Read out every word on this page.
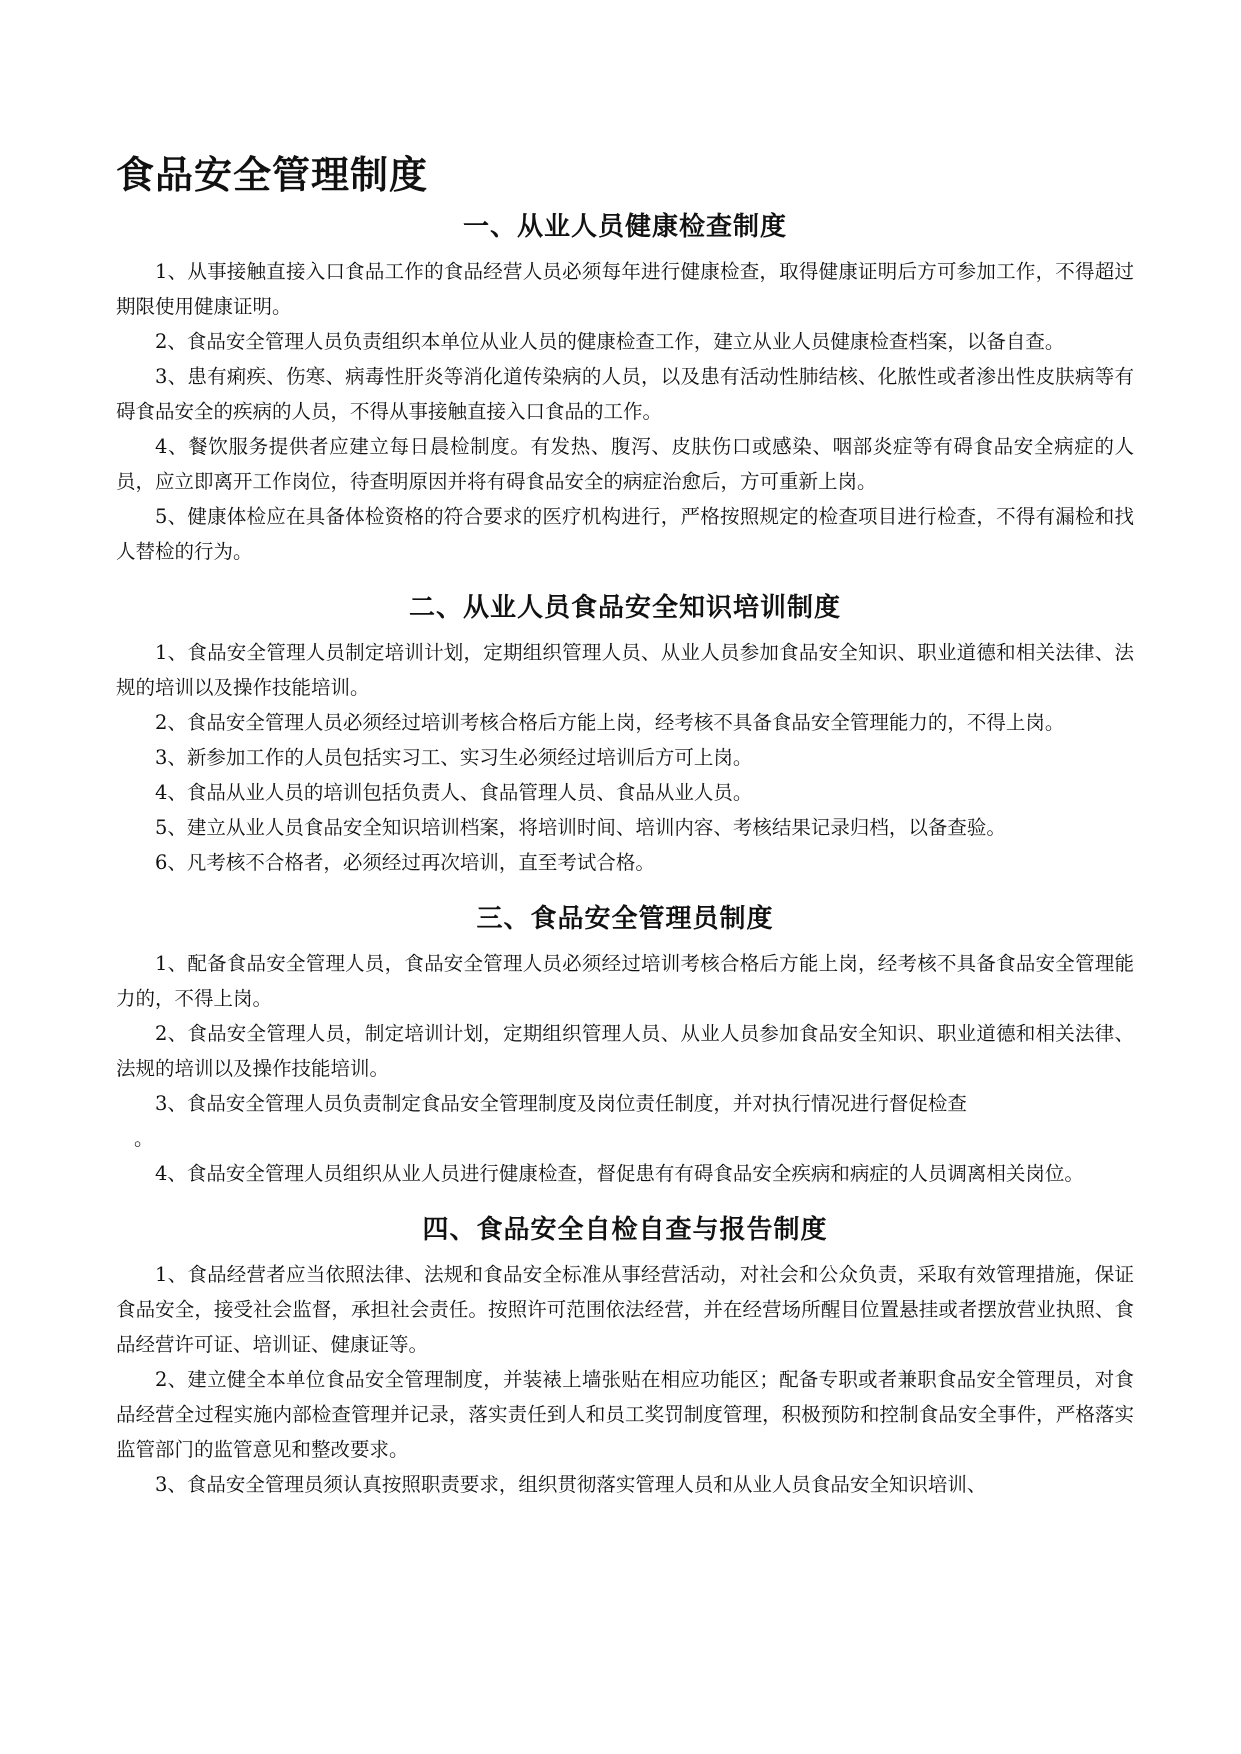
食品安全管理制度
一、从业人员健康检查制度

1、从事接触直接入口食品工作的食品经营人员必须每年进行健康检查，取得健康证明后方可参加工作，不得超过期限使用健康证明。

2、食品安全管理人员负责组织本单位从业人员的健康检查工作，建立从业人员健康检查档案，以备自查。

3、患有痢疾、伤寒、病毒性肝炎等消化道传染病的人员，以及患有活动性肺结核、化脓性或者渗出性皮肤病等有碍食品安全的疾病的人员，不得从事接触直接入口食品的工作。

4、餐饮服务提供者应建立每日晨检制度。有发热、腹泻、皮肤伤口或感染、咽部炎症等有碍食品安全病症的人员，应立即离开工作岗位，待查明原因并将有碍食品安全的病症治愈后，方可重新上岗。

5、健康体检应在具备体检资格的符合要求的医疗机构进行，严格按照规定的检查项目进行检查，不得有漏检和找人替检的行为。

二、从业人员食品安全知识培训制度

1、食品安全管理人员制定培训计划，定期组织管理人员、从业人员参加食品安全知识、职业道德和相关法律、法规的培训以及操作技能培训。

2、食品安全管理人员必须经过培训考核合格后方能上岗，经考核不具备食品安全管理能力的，不得上岗。

3、新参加工作的人员包括实习工、实习生必须经过培训后方可上岗。

4、食品从业人员的培训包括负责人、食品管理人员、食品从业人员。

5、建立从业人员食品安全知识培训档案，将培训时间、培训内容、考核结果记录归档，以备查验。

6、凡考核不合格者，必须经过再次培训，直至考试合格。

三、食品安全管理员制度

1、配备食品安全管理人员，食品安全管理人员必须经过培训考核合格后方能上岗，经考核不具备食品安全管理能力的，不得上岗。

2、食品安全管理人员，制定培训计划，定期组织管理人员、从业人员参加食品安全知识、职业道德和相关法律、法规的培训以及操作技能培训。

3、食品安全管理人员负责制定食品安全管理制度及岗位责任制度，并对执行情况进行督促检查

。

4、食品安全管理人员组织从业人员进行健康检查，督促患有有碍食品安全疾病和病症的人员调离相关岗位。

四、食品安全自检自查与报告制度

1、食品经营者应当依照法律、法规和食品安全标准从事经营活动，对社会和公众负责，采取有效管理措施，保证食品安全，接受社会监督，承担社会责任。按照许可范围依法经营，并在经营场所醒目位置悬挂或者摆放营业执照、食品经营许可证、培训证、健康证等。

2、建立健全本单位食品安全管理制度，并装裱上墙张贴在相应功能区；配备专职或者兼职食品安全管理员，对食品经营全过程实施内部检查管理并记录，落实责任到人和员工奖罚制度管理，积极预防和控制食品安全事件，严格落实监管部门的监管意见和整改要求。

3、食品安全管理员须认真按照职责要求，组织贯彻落实管理人员和从业人员食品安全知识培训、
